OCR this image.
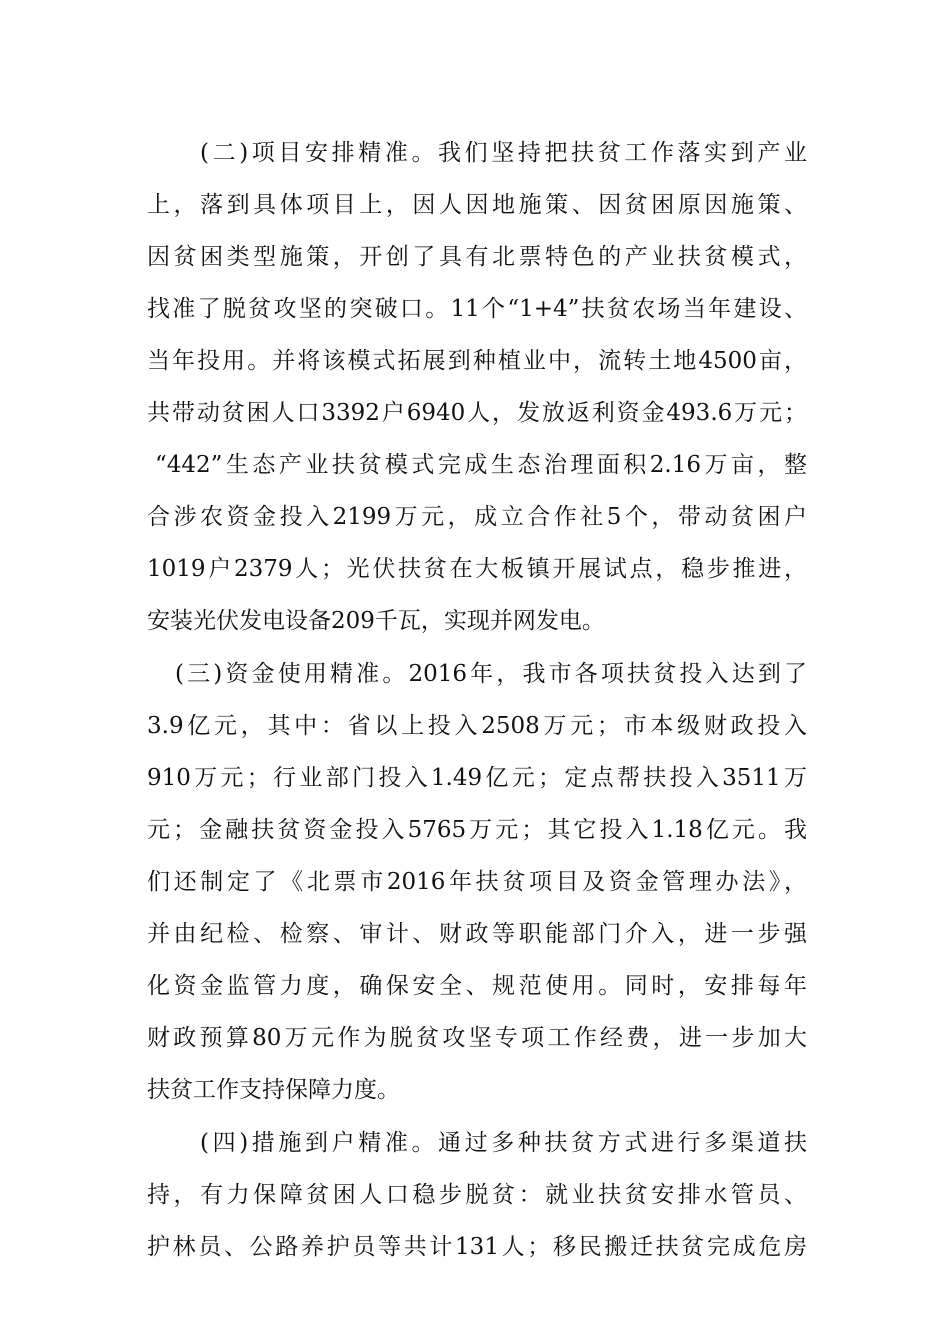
(二)项目安排精准。我们坚持把扶贫工作落实到产业
上，落到具体项目上，因人因地施策、因贫困原因施策、
因贫困类型施策，开创了具有北票特色的产业扶贫模式，
找准了脱贫攻坚的突破口。11个“1+4”扶贫农场当年建设、
当年投用。并将该模式拓展到种植业中，流转土地4500亩，
共带动贫困人口3392户6940人，发放返利资金493.6万元；
“442”生态产业扶贫模式完成生态治理面积2.16万亩，整
合涉农资金投入2199万元，成立合作社5个，带动贫困户
1019户2379人；光伏扶贫在大板镇开展试点，稳步推进，
安装光伏发电设备209千瓦，实现并网发电。
(三)资金使用精准。2016年，我市各项扶贫投入达到了
3.9亿元，其中：省以上投入2508万元；市本级财政投入
910万元；行业部门投入1.49亿元；定点帮扶投入3511万
元；金融扶贫资金投入5765万元；其它投入1.18亿元。我
们还制定了《北票市2016年扶贫项目及资金管理办法》，
并由纪检、检察、审计、财政等职能部门介入，进一步强
化资金监管力度，确保安全、规范使用。同时，安排每年
财政预算80万元作为脱贫攻坚专项工作经费，进一步加大
扶贫工作支持保障力度。
(四)措施到户精准。通过多种扶贫方式进行多渠道扶
持，有力保障贫困人口稳步脱贫：就业扶贫安排水管员、
护林员、公路养护员等共计131人；移民搬迁扶贫完成危房
